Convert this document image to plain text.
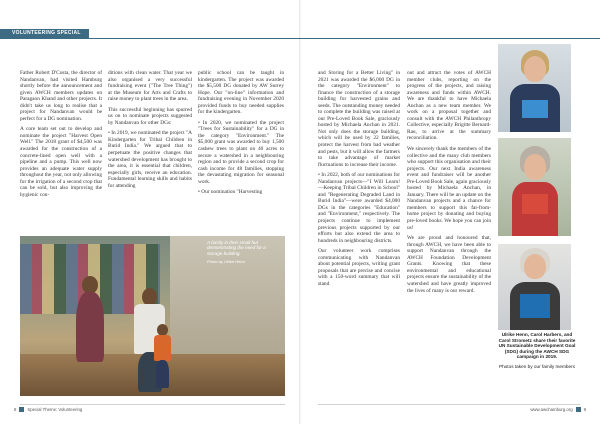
VOLUNTEERING SPECIAL

Father Robert D'Costa, the director of Nandanvan, had visited Hamburg shortly before the announcement and given AWCH members updates on Paragaon Khand and other projects. It didn't take us long to realise that a project for Nandanvan would be perfect for a DG nomination.

A core team set out to develop and nominate the project "Harvest Open Well." The 2018 grant of $4,500 was awarded for the construction of a concrete-lined open well with a pipeline and a pump. This well now provides an adequate water supply throughout the year, not only allowing for the irrigation of a second crop that can be sold, but also improving the hygienic con-

ditions with clean water. That year we also organised a very successful fundraising event ("The Tree Thing") at the Museum for Arts and Crafts to raise money to plant trees in the area.

This successful beginning has spurred us on to nominate projects suggested by Nandanvan for other DGs:

• In 2019, we nominated the project "A Kindergarten for Tribal Children in Burid India." We argued that to perpetuate the positive changes that watershed development has brought to the area, it is essential that children, especially girls, receive an education. Fundamental learning skills and habits for attending

public school can be taught in kindergarten. The project was awarded the $5,500 DG donated by AW Surrey Hope. Our "on-line" information and fundraising evening in November 2020 provided funds to buy needed supplies for the kindergarten.

• In 2020, we nominated the project "Trees for Sustainability" for a DG in the category "Environment." The $5,000 grant was awarded to buy 1,500 cashew trees to plant on 40 acres to secure a watershed in a neighbouring region and to provide a second crop for cash income for 48 families, stopping the devastating migration for seasonal work.

• Our nomination "Harvesting

and Storing for a Better Living" in 2021 was awarded the $6,000 DG in the category "Environment" to finance the construction of a storage building for harvested grains and seeds. The outstanding money needed to complete the building was raised at our Pre-Loved Book Sale, graciously hosted by Michaela Anchan in 2021. Not only does the storage building, which will be used by 22 families, protect the harvest from bad weather and pests, but it will allow the farmers to take advantage of market fluctuations to increase their income.

• In 2022, both of our nominations for Nandanvan projects—"I Will Learn!—Keeping Tribal Children in School" and "Regenerating Degraded Land in Burid India"—were awarded $4,000 DGs in the categories "Education" and "Environment," respectively. The projects continue to implement previous projects supported by our efforts but also extend the area to hundreds in neighbouring districts.

Our volunteer work comprises communicating with Nandanvan about potential projects, writing grant proposals that are precise and concise with a 150-word summary that will stand

out and attract the votes of AWCH member clubs, reporting on the progress of the projects, and raising awareness and funds within AWCH. We are thankful to have Michaela Anchan as a new team member. We work on a proposal together and consult with the AWCH Philanthropy Collective, especially Brigitte Bernard-Rau, to arrive at the summary reconciliation.

We sincerely thank the members of the collective and the many club members who support this organisation and their projects. Our next India awareness event and fundraiser will be another Pre-Loved Book Sale, again graciously hosted by Michaela Anchan, in January. There will be an update on the Nandanvan projects and a chance for members to support this far-from-home project by donating and buying pre-loved books. We hope you can join us!

We are proud and honoured that, through AWCH, we have been able to support Nandanvan through the AWCH Foundation Development Grants. Knowing that these environmental and educational projects ensure the sustainability of the watershed and have greatly improved the lives of many is our reward.

A family in their small hut demonstrating the need for a storage building.
Photo by Ulrike Henn
Ulrike Henn, Carol Harbers, and Carol Strometz share their favorite UN Sustainable Development Goal (SDG) during the AWCH SDG campaign in 2019.
Photos taken by our family members
8	Special Theme: Volunteering	www.awchamburg.org	9
